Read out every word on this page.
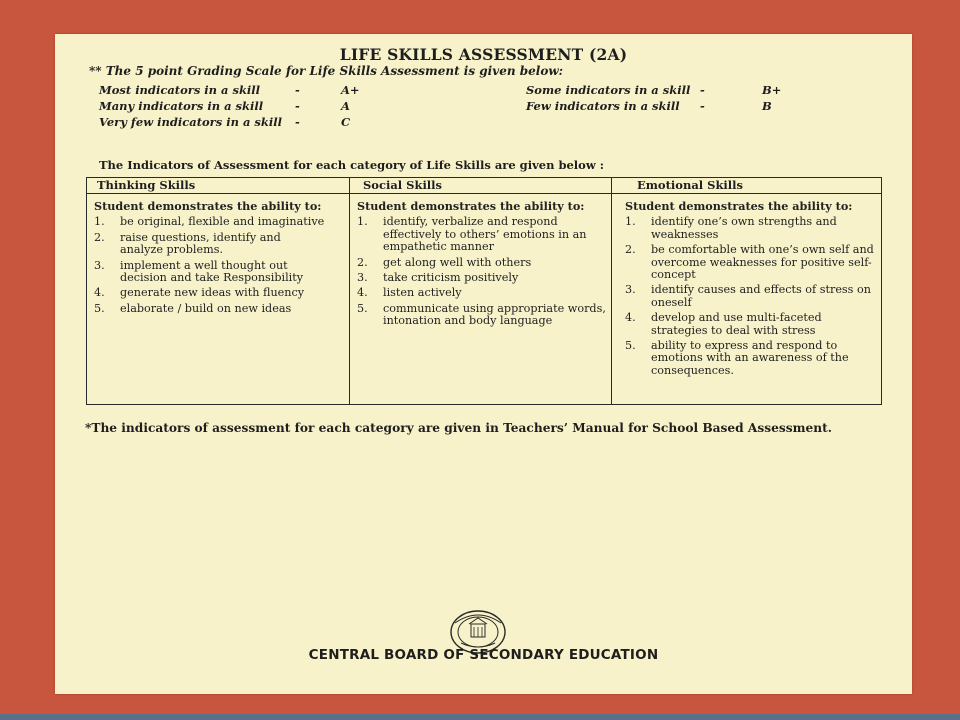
LIFE SKILLS ASSESSMENT (2A)
** The 5 point Grading Scale for Life Skills Assessment is given below:
Most indicators in a skill	-	A+
Many indicators in a skill	-	A
Very few indicators in a skill -	C
Some indicators in a skill -	B+
Few indicators in a skill -	B
The Indicators of Assessment for each category of Life Skills are given below :
Thinking Skills	Social Skills	Emotional Skills
Student demonstrates the ability to:
1. be original, flexible and imaginative
2. raise questions, identify and analyze problems.
3. implement a well thought out decision and take Responsibility
4. generate new ideas with fluency
5. elaborate / build on new ideas
Student demonstrates the ability to:
1. identify, verbalize and respond effectively to others’ emotions in an empathetic manner
2. get along well with others
3. take criticism positively
4. listen actively
5. communicate using appropriate words, intonation and body language
Student demonstrates the ability to:
1. identify one’s own strengths and weaknesses
2. be comfortable with one’s own self and overcome weaknesses for positive self-concept
3. identify causes and effects of stress on oneself
4. develop and use multi-faceted strategies to deal with stress
5. ability to express and respond to emotions with an awareness of the consequences.
*The indicators of assessment for each category are given in Teachers’ Manual for School Based Assessment.
CENTRAL BOARD OF SECONDARY EDUCATION
